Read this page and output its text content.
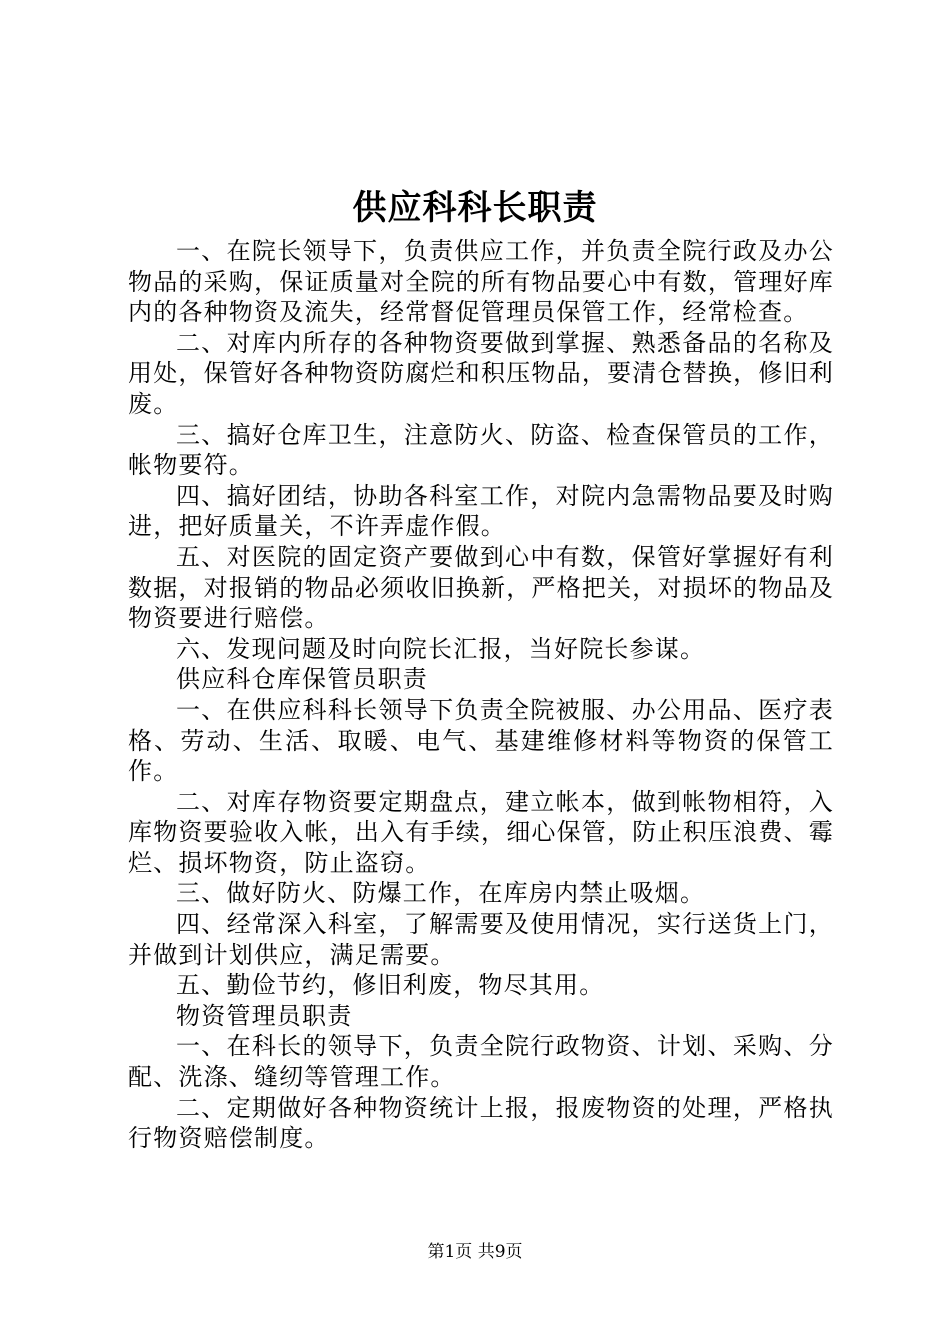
供应科科长职责

一、在院长领导下，负责供应工作，并负责全院行政及办公物品的采购，保证质量对全院的所有物品要心中有数，管理好库内的各种物资及流失，经常督促管理员保管工作，经常检查。

二、对库内所存的各种物资要做到掌握、熟悉备品的名称及用处，保管好各种物资防腐烂和积压物品，要清仓替换，修旧利废。

三、搞好仓库卫生，注意防火、防盗、检查保管员的工作，帐物要符。

四、搞好团结，协助各科室工作，对院内急需物品要及时购进，把好质量关，不许弄虚作假。

五、对医院的固定资产要做到心中有数，保管好掌握好有利数据，对报销的物品必须收旧换新，严格把关，对损坏的物品及物资要进行赔偿。

六、发现问题及时向院长汇报，当好院长参谋。

供应科仓库保管员职责

一、在供应科科长领导下负责全院被服、办公用品、医疗表格、劳动、生活、取暖、电气、基建维修材料等物资的保管工作。

二、对库存物资要定期盘点，建立帐本，做到帐物相符，入库物资要验收入帐，出入有手续，细心保管，防止积压浪费、霉烂、损坏物资，防止盗窃。

三、做好防火、防爆工作，在库房内禁止吸烟。

四、经常深入科室，了解需要及使用情况，实行送货上门，并做到计划供应，满足需要。

五、勤俭节约，修旧利废，物尽其用。

物资管理员职责

一、在科长的领导下，负责全院行政物资、计划、采购、分配、洗涤、缝纫等管理工作。

二、定期做好各种物资统计上报，报废物资的处理，严格执行物资赔偿制度。

第1页 共9页
